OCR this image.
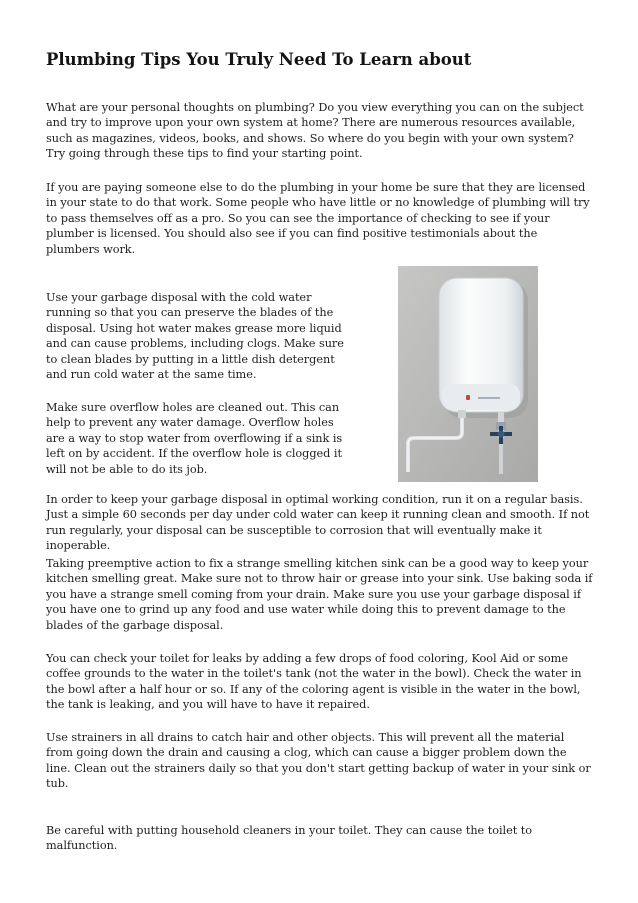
Plumbing Tips You Truly Need To Learn about

What are your personal thoughts on plumbing? Do you view everything you can on the subject and try to improve upon your own system at home? There are numerous resources available, such as magazines, videos, books, and shows. So where do you begin with your own system? Try going through these tips to find your starting point.

If you are paying someone else to do the plumbing in your home be sure that they are licensed in your state to do that work. Some people who have little or no knowledge of plumbing will try to pass themselves off as a pro. So you can see the importance of checking to see if your plumber is licensed. You should also see if you can find positive testimonials about the plumbers work.

Use your garbage disposal with the cold water running so that you can preserve the blades of the disposal. Using hot water makes grease more liquid and can cause problems, including clogs. Make sure to clean blades by putting in a little dish detergent and run cold water at the same time.

Make sure overflow holes are cleaned out. This can help to prevent any water damage. Overflow holes are a way to stop water from overflowing if a sink is left on by accident. If the overflow hole is clogged it will not be able to do its job.

In order to keep your garbage disposal in optimal working condition, run it on a regular basis. Just a simple 60 seconds per day under cold water can keep it running clean and smooth. If not run regularly, your disposal can be susceptible to corrosion that will eventually make it inoperable.

Taking preemptive action to fix a strange smelling kitchen sink can be a good way to keep your kitchen smelling great. Make sure not to throw hair or grease into your sink. Use baking soda if you have a strange smell coming from your drain. Make sure you use your garbage disposal if you have one to grind up any food and use water while doing this to prevent damage to the blades of the garbage disposal.

You can check your toilet for leaks by adding a few drops of food coloring, Kool Aid or some coffee grounds to the water in the toilet's tank (not the water in the bowl). Check the water in the bowl after a half hour or so. If any of the coloring agent is visible in the water in the bowl, the tank is leaking, and you will have to have it repaired.

Use strainers in all drains to catch hair and other objects. This will prevent all the material from going down the drain and causing a clog, which can cause a bigger problem down the line. Clean out the strainers daily so that you don't start getting backup of water in your sink or tub.

Be careful with putting household cleaners in your toilet. They can cause the toilet to malfunction.
